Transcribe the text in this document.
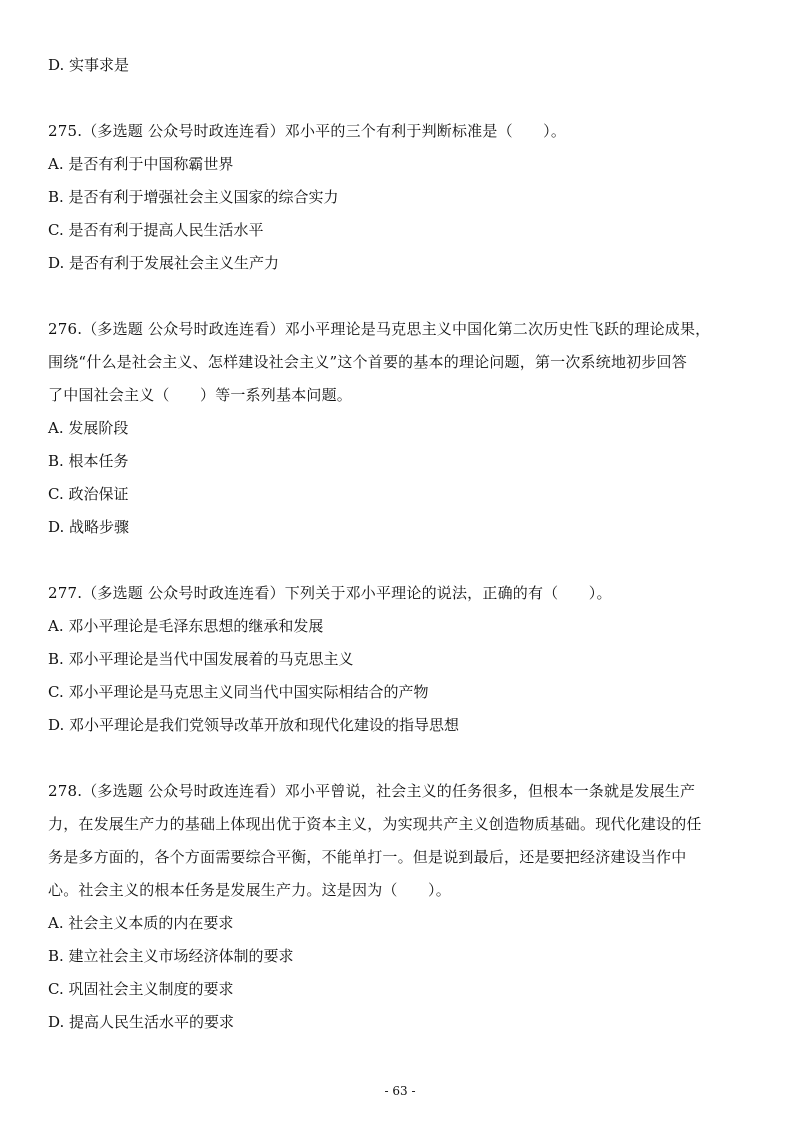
D. 实事求是
275.（多选题 公众号时政连连看）邓小平的三个有利于判断标准是（　　）。
A. 是否有利于中国称霸世界
B. 是否有利于增强社会主义国家的综合实力
C. 是否有利于提高人民生活水平
D. 是否有利于发展社会主义生产力
276.（多选题 公众号时政连连看）邓小平理论是马克思主义中国化第二次历史性飞跃的理论成果，
围绕“什么是社会主义、怎样建设社会主义”这个首要的基本的理论问题，第一次系统地初步回答
了中国社会主义（　　）等一系列基本问题。
A. 发展阶段
B. 根本任务
C. 政治保证
D. 战略步骤
277.（多选题 公众号时政连连看）下列关于邓小平理论的说法，正确的有（　　）。
A. 邓小平理论是毛泽东思想的继承和发展
B. 邓小平理论是当代中国发展着的马克思主义
C. 邓小平理论是马克思主义同当代中国实际相结合的产物
D. 邓小平理论是我们党领导改革开放和现代化建设的指导思想
278.（多选题 公众号时政连连看）邓小平曾说，社会主义的任务很多，但根本一条就是发展生产
力，在发展生产力的基础上体现出优于资本主义，为实现共产主义创造物质基础。现代化建设的任
务是多方面的，各个方面需要综合平衡，不能单打一。但是说到最后，还是要把经济建设当作中
心。社会主义的根本任务是发展生产力。这是因为（　　）。
A. 社会主义本质的内在要求
B. 建立社会主义市场经济体制的要求
C. 巩固社会主义制度的要求
D. 提高人民生活水平的要求
- 63 -
